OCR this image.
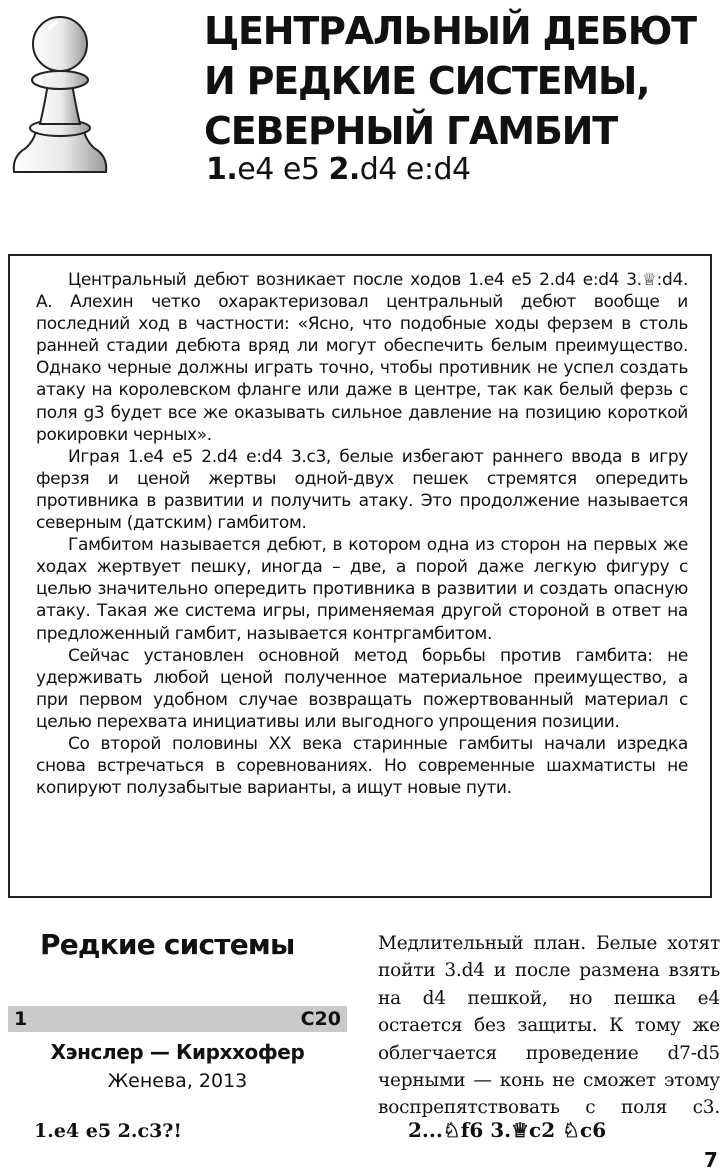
ЦЕНТРАЛЬНЫЙ ДЕБЮТ
И РЕДКИЕ СИСТЕМЫ,
СЕВЕРНЫЙ ГАМБИТ
1.e4 e5 2.d4 e:d4

Центральный дебют возникает после ходов 1.e4 e5 2.d4 e:d4 3.♕:d4. А. Алехин четко охарактеризовал центральный дебют вообще и последний ход в частности: «Ясно, что подобные ходы ферзем в столь ранней стадии дебюта вряд ли могут обеспечить белым преимущество. Однако черные должны играть точно, чтобы противник не успел создать атаку на королевском фланге или даже в центре, так как белый ферзь с поля g3 будет все же оказывать сильное давление на позицию короткой рокировки черных».

Играя 1.e4 e5 2.d4 e:d4 3.c3, белые избегают раннего ввода в игру ферзя и ценой жертвы одной-двух пешек стремятся опередить противника в развитии и получить атаку. Это продолжение называется северным (датским) гамбитом.

Гамбитом называется дебют, в котором одна из сторон на первых же ходах жертвует пешку, иногда – две, а порой даже легкую фигуру с целью значительно опередить противника в развитии и создать опасную атаку. Такая же система игры, применяемая другой стороной в ответ на предложенный гамбит, называется контргамбитом.

Сейчас установлен основной метод борьбы против гамбита: не удерживать любой ценой полученное материальное преимущество, а при первом удобном случае возвращать пожертвованный материал с целью перехвата инициативы или выгодного упрощения позиции.

Со второй половины XX века старинные гамбиты начали изредка снова встречаться в соревнованиях. Но современные шахматисты не копируют полузабытые варианты, а ищут новые пути.

Редкие системы
1	C20
Хэнслер — Кирххофер
Женева, 2013

1.e4 e5 2.c3?!

Медлительный план. Белые хотят пойти 3.d4 и после размена взять на d4 пешкой, но пешка e4 остается без защиты. К тому же облегчается проведение d7-d5 черными — конь не сможет этому воспрепятствовать с поля c3.

2...♘f6 3.♕c2 ♘c6

7
